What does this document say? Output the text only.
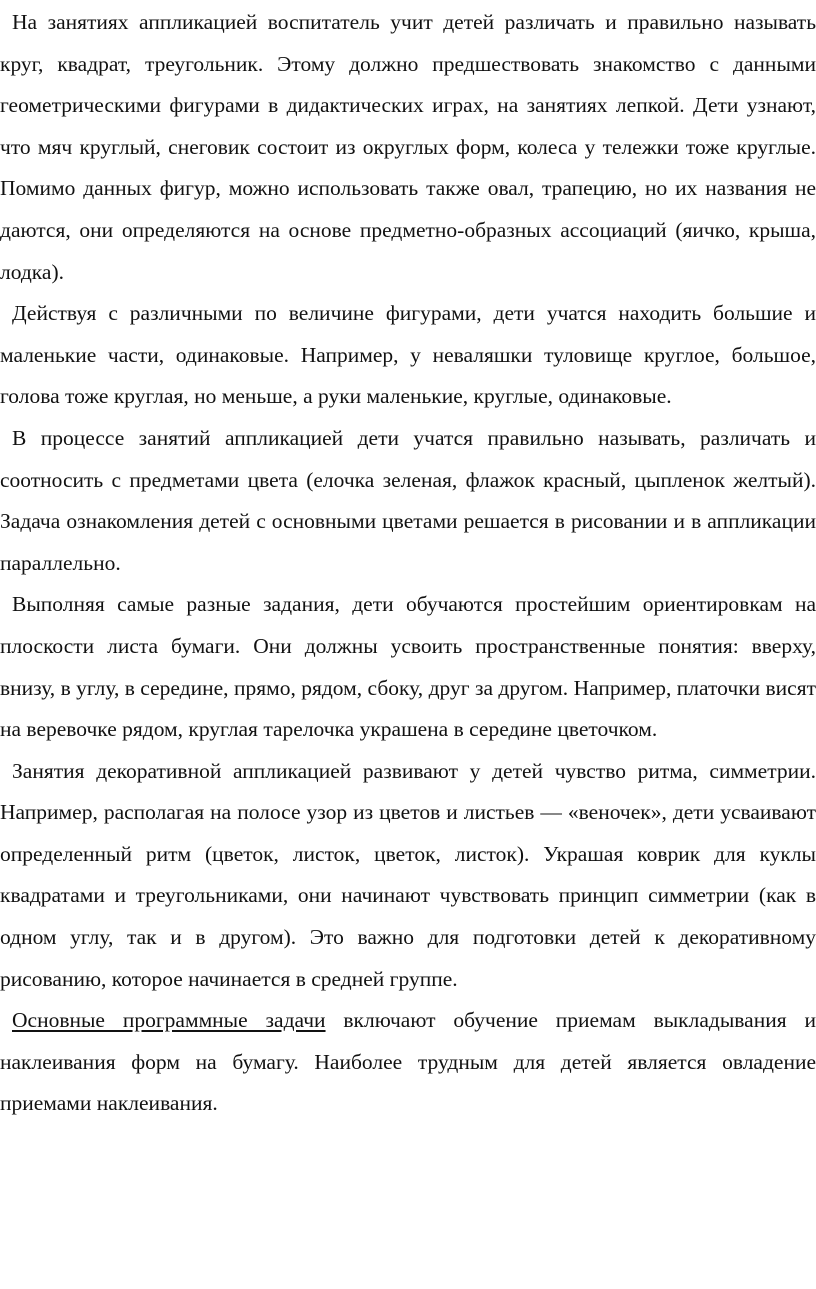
На занятиях аппликацией воспитатель учит детей различать и правильно называть круг, квадрат, треугольник. Этому должно предшествовать знакомство с данными геометрическими фигурами в дидактических играх, на занятиях лепкой. Дети узнают, что мяч круглый, снеговик состоит из округлых форм, колеса у тележки тоже круглые. Помимо данных фигур, можно использовать также овал, трапецию, но их названия не даются, они определяются на основе предметно-образных ассоциаций (яичко, крыша, лодка).

Действуя с различными по величине фигурами, дети учатся находить большие и маленькие части, одинаковые. Например, у неваляшки туловище круглое, большое, голова тоже круглая, но меньше, а руки маленькие, круглые, одинаковые.

В процессе занятий аппликацией дети учатся правильно называть, различать и соотносить с предметами цвета (елочка зеленая, флажок красный, цыпленок желтый). Задача ознакомления детей с основными цветами решается в рисовании и в аппликации параллельно.

Выполняя самые разные задания, дети обучаются простейшим ориентировкам на плоскости листа бумаги. Они должны усвоить пространственные понятия: вверху, внизу, в углу, в середине, прямо, рядом, сбоку, друг за другом. Например, платочки висят на веревочке рядом, круглая тарелочка украшена в середине цветочком.

Занятия декоративной аппликацией развивают у детей чувство ритма, симметрии. Например, располагая на полосе узор из цветов и листьев — «веночек», дети усваивают определенный ритм (цветок, листок, цветок, листок). Украшая коврик для куклы квадратами и треугольниками, они начинают чувствовать принцип симметрии (как в одном углу, так и в другом). Это важно для подготовки детей к декоративному рисованию, которое начинается в средней группе.

Основные программные задачи включают обучение приемам выкладывания и наклеивания форм на бумагу. Наиболее трудным для детей является овладение приемами наклеивания.
